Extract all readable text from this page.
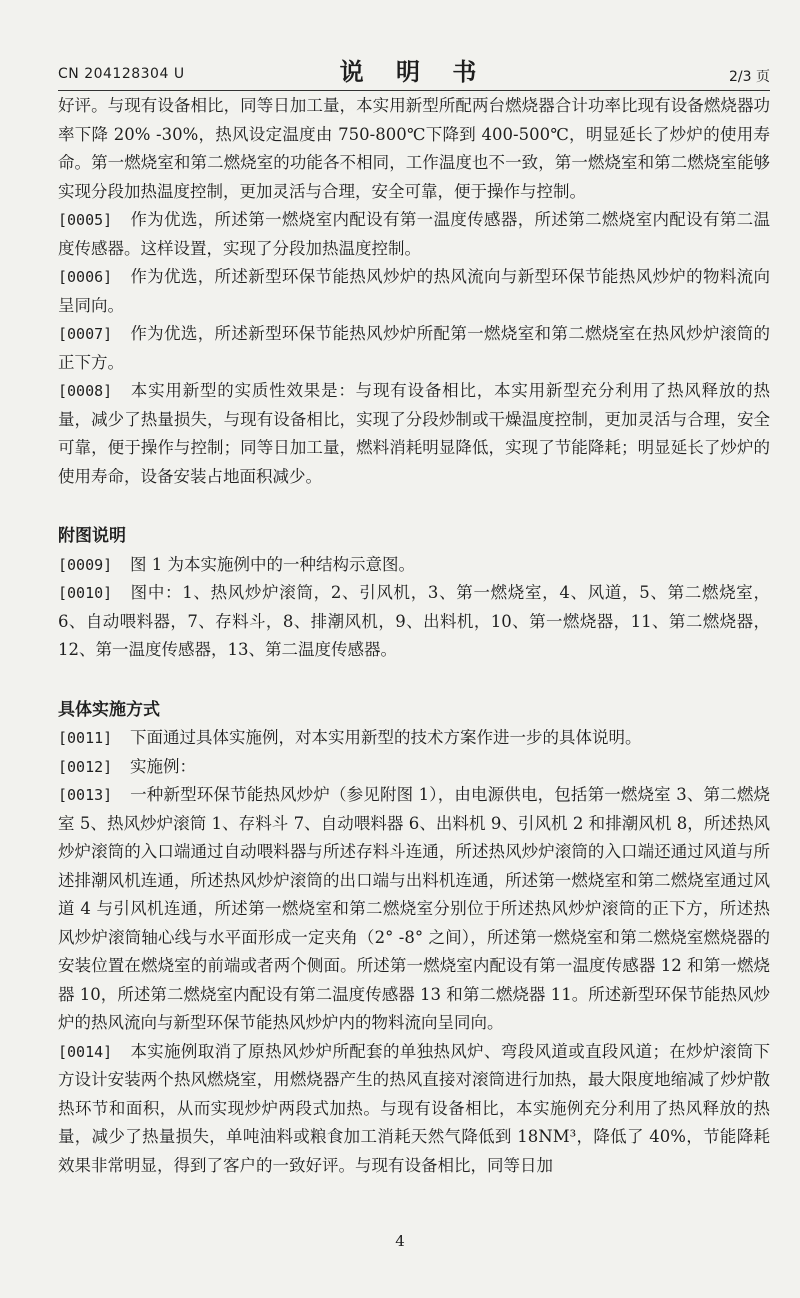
CN 204128304 U	说 明 书	2/3 页

好评。与现有设备相比，同等日加工量，本实用新型所配两台燃烧器合计功率比现有设备燃烧器功率下降 20% -30%，热风设定温度由 750-800℃下降到 400-500℃，明显延长了炒炉的使用寿命。第一燃烧室和第二燃烧室的功能各不相同，工作温度也不一致，第一燃烧室和第二燃烧室能够实现分段加热温度控制，更加灵活与合理，安全可靠，便于操作与控制。

[0005] 作为优选，所述第一燃烧室内配设有第一温度传感器，所述第二燃烧室内配设有第二温度传感器。这样设置，实现了分段加热温度控制。

[0006] 作为优选，所述新型环保节能热风炒炉的热风流向与新型环保节能热风炒炉的物料流向呈同向。

[0007] 作为优选，所述新型环保节能热风炒炉所配第一燃烧室和第二燃烧室在热风炒炉滚筒的正下方。

[0008] 本实用新型的实质性效果是：与现有设备相比，本实用新型充分利用了热风释放的热量，减少了热量损失，与现有设备相比，实现了分段炒制或干燥温度控制，更加灵活与合理，安全可靠，便于操作与控制；同等日加工量，燃料消耗明显降低，实现了节能降耗；明显延长了炒炉的使用寿命，设备安装占地面积减少。

附图说明

[0009] 图 1 为本实施例中的一种结构示意图。

[0010] 图中：1、热风炒炉滚筒，2、引风机，3、第一燃烧室，4、风道，5、第二燃烧室，6、自动喂料器，7、存料斗，8、排潮风机，9、出料机，10、第一燃烧器，11、第二燃烧器，12、第一温度传感器，13、第二温度传感器。

具体实施方式

[0011] 下面通过具体实施例，对本实用新型的技术方案作进一步的具体说明。

[0012] 实施例：

[0013] 一种新型环保节能热风炒炉（参见附图 1），由电源供电，包括第一燃烧室 3、第二燃烧室 5、热风炒炉滚筒 1、存料斗 7、自动喂料器 6、出料机 9、引风机 2 和排潮风机 8，所述热风炒炉滚筒的入口端通过自动喂料器与所述存料斗连通，所述热风炒炉滚筒的入口端还通过风道与所述排潮风机连通，所述热风炒炉滚筒的出口端与出料机连通，所述第一燃烧室和第二燃烧室通过风道 4 与引风机连通，所述第一燃烧室和第二燃烧室分别位于所述热风炒炉滚筒的正下方，所述热风炒炉滚筒轴心线与水平面形成一定夹角（2° -8° 之间），所述第一燃烧室和第二燃烧室燃烧器的安装位置在燃烧室的前端或者两个侧面。所述第一燃烧室内配设有第一温度传感器 12 和第一燃烧器 10，所述第二燃烧室内配设有第二温度传感器 13 和第二燃烧器 11。所述新型环保节能热风炒炉的热风流向与新型环保节能热风炒炉内的物料流向呈同向。

[0014] 本实施例取消了原热风炒炉所配套的单独热风炉、弯段风道或直段风道；在炒炉滚筒下方设计安装两个热风燃烧室，用燃烧器产生的热风直接对滚筒进行加热，最大限度地缩减了炒炉散热环节和面积，从而实现炒炉两段式加热。与现有设备相比，本实施例充分利用了热风释放的热量，减少了热量损失，单吨油料或粮食加工消耗天然气降低到 18NM³，降低了 40%，节能降耗效果非常明显，得到了客户的一致好评。与现有设备相比，同等日加

4
